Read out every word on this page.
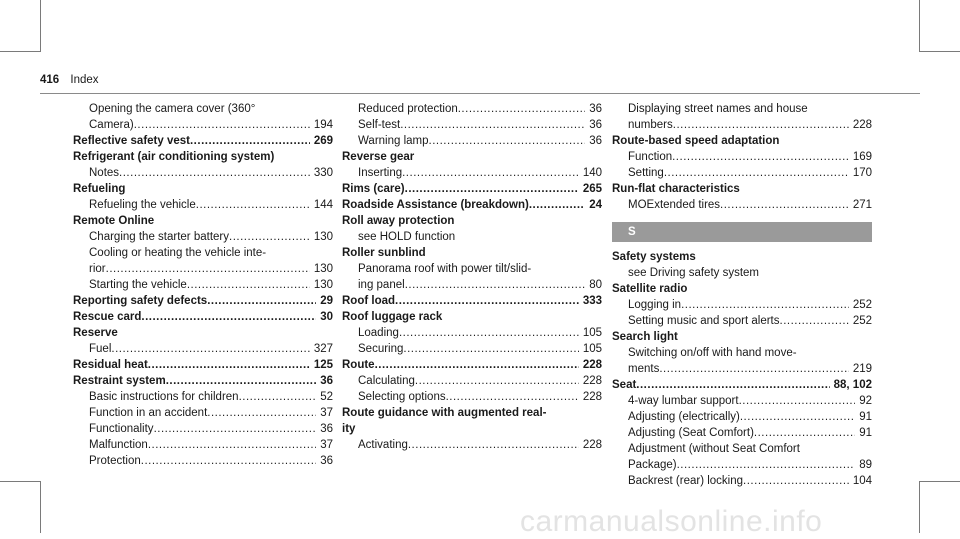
416 Index
Opening the camera cover (360°
Camera) .....	194
Reflective safety vest .....	269
Refrigerant (air conditioning system)
Notes .....	330
Refueling
Refueling the vehicle .....	144
Remote Online
Charging the starter battery .....	130
Cooling or heating the vehicle inte-
rior .....	130
Starting the vehicle .....	130
Reporting safety defects .....	29
Rescue card .....	30
Reserve
Fuel .....	327
Residual heat .....	125
Restraint system .....	36
Basic instructions for children .....	52
Function in an accident .....	37
Functionality .....	36
Malfunction .....	37
Protection .....	36
Reduced protection .....	36
Self-test .....	36
Warning lamp .....	36
Reverse gear
Inserting .....	140
Rims (care) .....	265
Roadside Assistance (breakdown) .....	24
Roll away protection
see HOLD function
Roller sunblind
Panorama roof with power tilt/slid-
ing panel .....	80
Roof load .....	333
Roof luggage rack
Loading .....	105
Securing .....	105
Route .....	228
Calculating .....	228
Selecting options .....	228
Route guidance with augmented real-
ity
Activating .....	228
Displaying street names and house
numbers .....	228
Route-based speed adaptation
Function .....	169
Setting .....	170
Run-flat characteristics
MOExtended tires .....	271
S
Safety systems
see Driving safety system
Satellite radio
Logging in .....	252
Setting music and sport alerts .....	252
Search light
Switching on/off with hand move-
ments .....	219
Seat .....	88, 102
4-way lumbar support .....	92
Adjusting (electrically) .....	91
Adjusting (Seat Comfort) .....	91
Adjustment (without Seat Comfort
Package) .....	89
Backrest (rear) locking .....	104
carmanualsonline.info
